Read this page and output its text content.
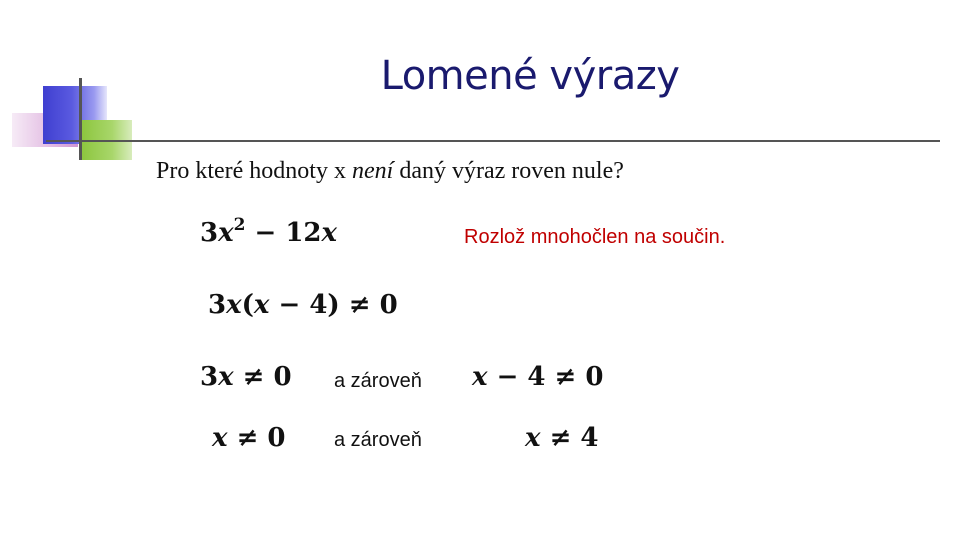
Lomené výrazy
Pro které hodnoty x není daný výraz roven nule?
$3x^2 - 12x$	Rozlož mnohočlen na součin.
3x(x − 4) ≠ 0
3x ≠ 0 a zároveň x − 4 ≠ 0
x ≠ 0 a zároveň	x ≠ 4
